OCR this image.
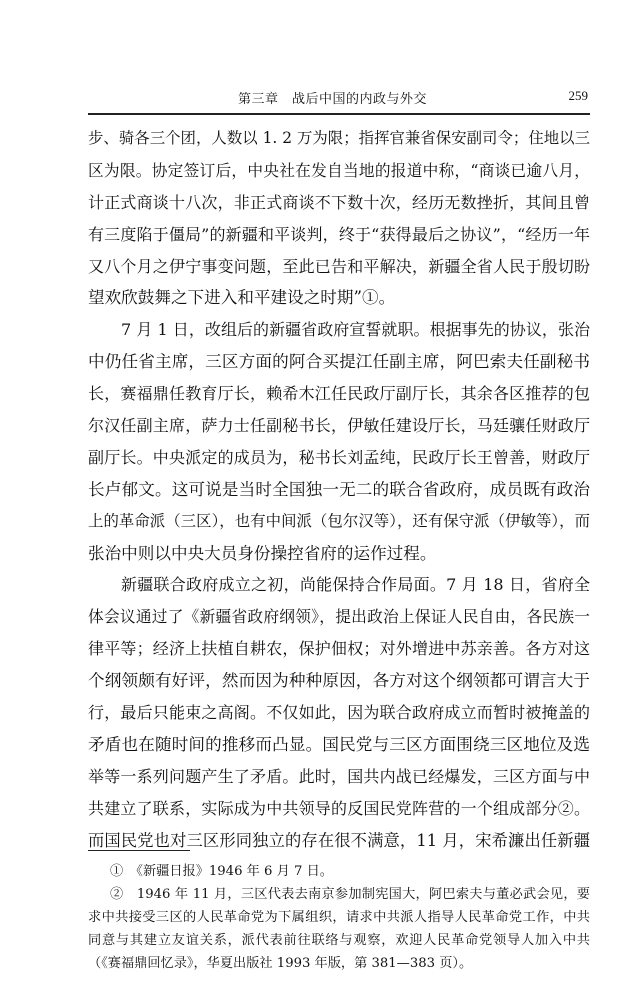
第三章　战后中国的内政与外交	259
步、骑各三个团，人数以 1. 2 万为限；指挥官兼省保安副司令；住地以三
区为限。协定签订后，中央社在发自当地的报道中称，“商谈已逾八月，
计正式商谈十八次，非正式商谈不下数十次，经历无数挫折，其间且曾
有三度陷于僵局”的新疆和平谈判，终于“获得最后之协议”，“经历一年
又八个月之伊宁事变问题，至此已告和平解决，新疆全省人民于殷切盼
望欢欣鼓舞之下进入和平建设之时期”①。
7 月 1 日，改组后的新疆省政府宣誓就职。根据事先的协议，张治
中仍任省主席，三区方面的阿合买提江任副主席，阿巴索夫任副秘书
长，赛福鼎任教育厅长，赖希木江任民政厅副厅长，其余各区推荐的包
尔汉任副主席，萨力士任副秘书长，伊敏任建设厅长，马廷骧任财政厅
副厅长。中央派定的成员为，秘书长刘孟纯，民政厅长王曾善，财政厅
长卢郁文。这可说是当时全国独一无二的联合省政府，成员既有政治
上的革命派（三区），也有中间派（包尔汉等），还有保守派（伊敏等），而
张治中则以中央大员身份操控省府的运作过程。
新疆联合政府成立之初，尚能保持合作局面。7 月 18 日，省府全
体会议通过了《新疆省政府纲领》，提出政治上保证人民自由，各民族一
律平等；经济上扶植自耕农，保护佃权；对外增进中苏亲善。各方对这
个纲领颇有好评，然而因为种种原因，各方对这个纲领都可谓言大于
行，最后只能束之高阁。不仅如此，因为联合政府成立而暂时被掩盖的
矛盾也在随时间的推移而凸显。国民党与三区方面围绕三区地位及选
举等一系列问题产生了矛盾。此时，国共内战已经爆发，三区方面与中
共建立了联系，实际成为中共领导的反国民党阵营的一个组成部分②。
而国民党也对三区形同独立的存在很不满意，11 月，宋希濂出任新疆
①　《新疆日报》1946 年 6 月 7 日。
②　1946 年 11 月，三区代表去南京参加制宪国大，阿巴索夫与董必武会见，要
求中共接受三区的人民革命党为下属组织，请求中共派人指导人民革命党工作，中共
同意与其建立友谊关系，派代表前往联络与观察，欢迎人民革命党领导人加入中共
（《赛福鼎回忆录》，华夏出版社 1993 年版，第 381—383 页）。
